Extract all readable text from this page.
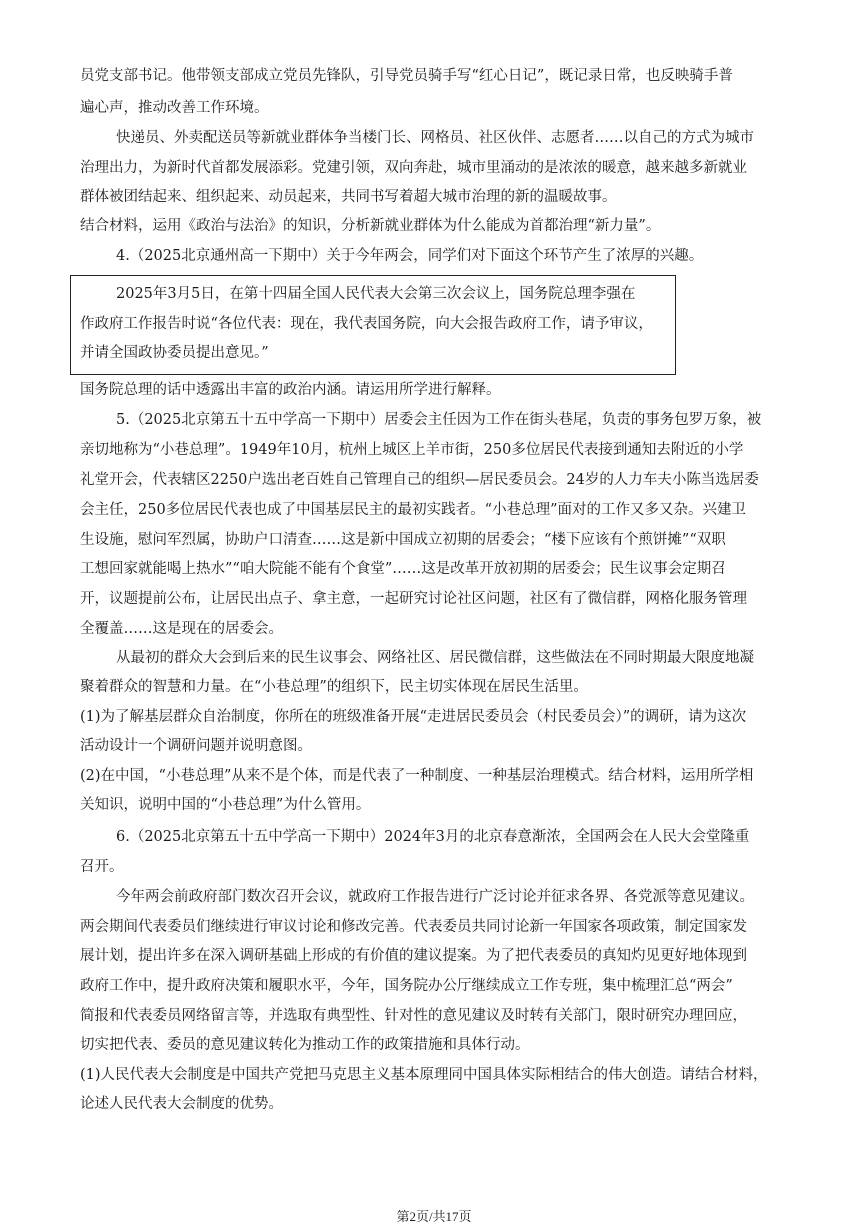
员党支部书记。他带领支部成立党员先锋队，引导党员骑手写“红心日记”，既记录日常，也反映骑手普
遍心声，推动改善工作环境。
快递员、外卖配送员等新就业群体争当楼门长、网格员、社区伙伴、志愿者……以自己的方式为城市
治理出力，为新时代首都发展添彩。党建引领，双向奔赴，城市里涌动的是浓浓的暖意，越来越多新就业
群体被团结起来、组织起来、动员起来，共同书写着超大城市治理的新的温暖故事。
结合材料，运用《政治与法治》的知识，分析新就业群体为什么能成为首都治理“新力量”。
4.（2025北京通州高一下期中）关于今年两会，同学们对下面这个环节产生了浓厚的兴趣。
2025年3月5日，在第十四届全国人民代表大会第三次会议上，国务院总理李强在
作政府工作报告时说“各位代表：现在，我代表国务院，向大会报告政府工作，请予审议，
并请全国政协委员提出意见。”
国务院总理的话中透露出丰富的政治内涵。请运用所学进行解释。
5.（2025北京第五十五中学高一下期中）居委会主任因为工作在街头巷尾，负责的事务包罗万象，被
亲切地称为“小巷总理”。1949年10月，杭州上城区上羊市街，250多位居民代表接到通知去附近的小学
礼堂开会，代表辖区2250户选出老百姓自己管理自己的组织—居民委员会。24岁的人力车夫小陈当选居委
会主任，250多位居民代表也成了中国基层民主的最初实践者。“小巷总理”面对的工作又多又杂。兴建卫
生设施，慰问军烈属，协助户口清查……这是新中国成立初期的居委会；“楼下应该有个煎饼摊”“双职
工想回家就能喝上热水”“咱大院能不能有个食堂”……这是改革开放初期的居委会；民生议事会定期召
开，议题提前公布，让居民出点子、拿主意，一起研究讨论社区问题，社区有了微信群，网格化服务管理
全覆盖……这是现在的居委会。
从最初的群众大会到后来的民生议事会、网络社区、居民微信群，这些做法在不同时期最大限度地凝
聚着群众的智慧和力量。在“小巷总理”的组织下，民主切实体现在居民生活里。
(1)为了解基层群众自治制度，你所在的班级准备开展“走进居民委员会（村民委员会）”的调研，请为这次
活动设计一个调研问题并说明意图。
(2)在中国，“小巷总理”从来不是个体，而是代表了一种制度、一种基层治理模式。结合材料，运用所学相
关知识，说明中国的“小巷总理”为什么管用。
6.（2025北京第五十五中学高一下期中）2024年3月的北京春意渐浓，全国两会在人民大会堂隆重
召开。
今年两会前政府部门数次召开会议，就政府工作报告进行广泛讨论并征求各界、各党派等意见建议。
两会期间代表委员们继续进行审议讨论和修改完善。代表委员共同讨论新一年国家各项政策，制定国家发
展计划，提出许多在深入调研基础上形成的有价值的建议提案。为了把代表委员的真知灼见更好地体现到
政府工作中，提升政府决策和履职水平，今年，国务院办公厅继续成立工作专班，集中梳理汇总“两会”
简报和代表委员网络留言等，并选取有典型性、针对性的意见建议及时转有关部门，限时研究办理回应，
切实把代表、委员的意见建议转化为推动工作的政策措施和具体行动。
(1)人民代表大会制度是中国共产党把马克思主义基本原理同中国具体实际相结合的伟大创造。请结合材料，
论述人民代表大会制度的优势。
第2页/共17页
